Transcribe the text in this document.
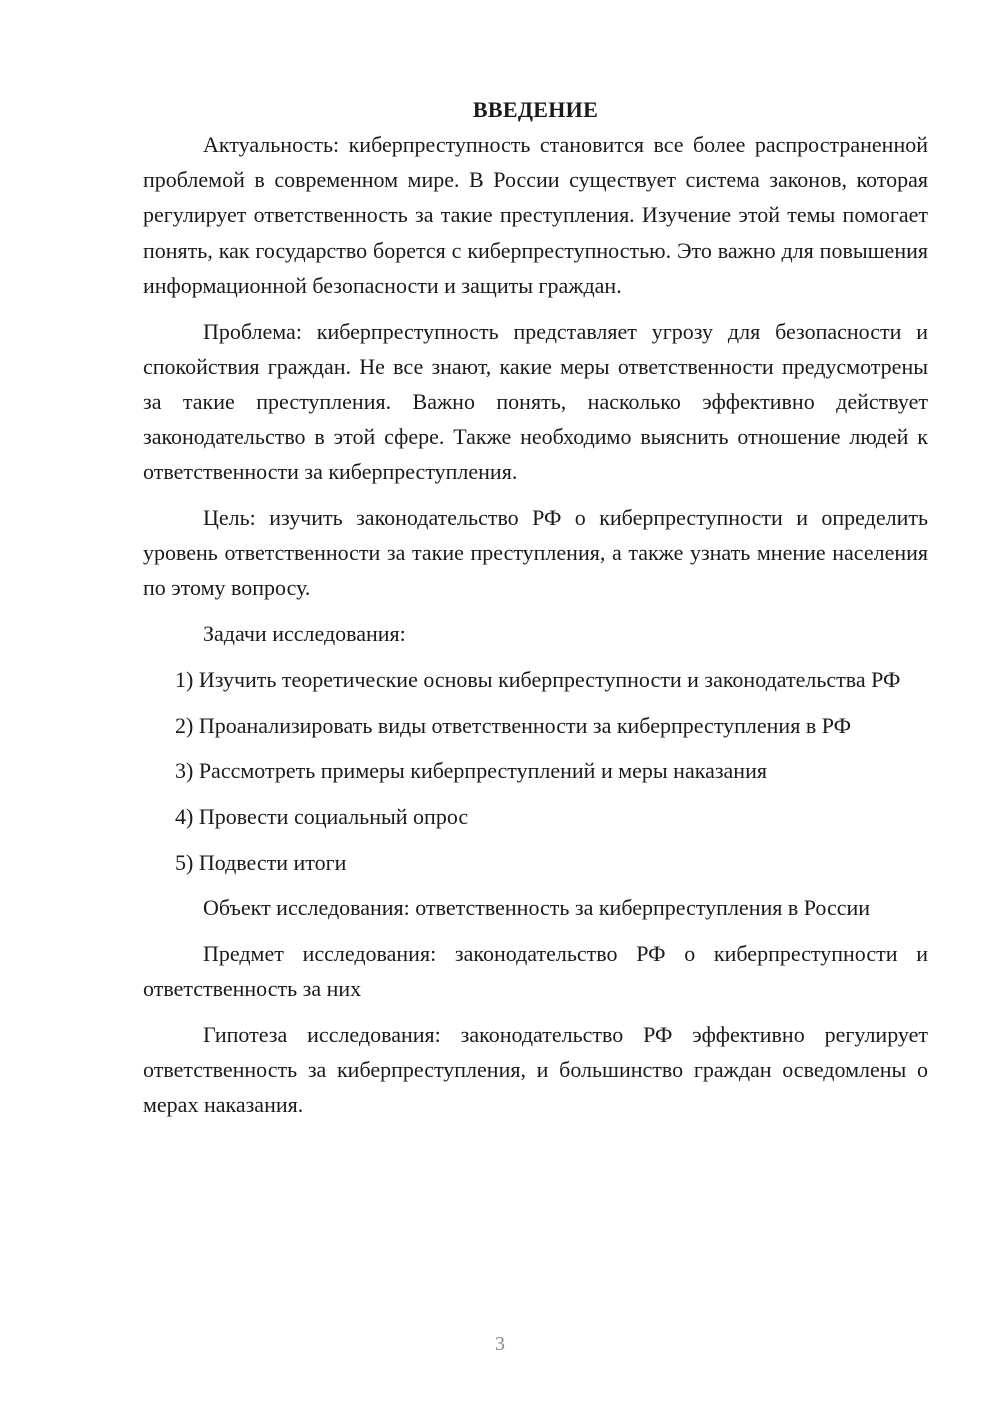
ВВЕДЕНИЕ

Актуальность: киберпреступность становится все более распространенной проблемой в современном мире. В России существует система законов, которая регулирует ответственность за такие преступления. Изучение этой темы помогает понять, как государство борется с киберпреступностью. Это важно для повышения информационной безопасности и защиты граждан.

Проблема: киберпреступность представляет угрозу для безопасности и спокойствия граждан. Не все знают, какие меры ответственности предусмотрены за такие преступления. Важно понять, насколько эффективно действует законодательство в этой сфере. Также необходимо выяснить отношение людей к ответственности за киберпреступления.

Цель: изучить законодательство РФ о киберпреступности и определить уровень ответственности за такие преступления, а также узнать мнение населения по этому вопросу.

Задачи исследования:

1) Изучить теоретические основы киберпреступности и законодательства РФ

2) Проанализировать виды ответственности за киберпреступления в РФ

3) Рассмотреть примеры киберпреступлений и меры наказания

4) Провести социальный опрос

5) Подвести итоги

Объект исследования: ответственность за киберпреступления в России

Предмет исследования: законодательство РФ о киберпреступности и ответственность за них

Гипотеза исследования: законодательство РФ эффективно регулирует ответственность за киберпреступления, и большинство граждан осведомлены о мерах наказания.

3
